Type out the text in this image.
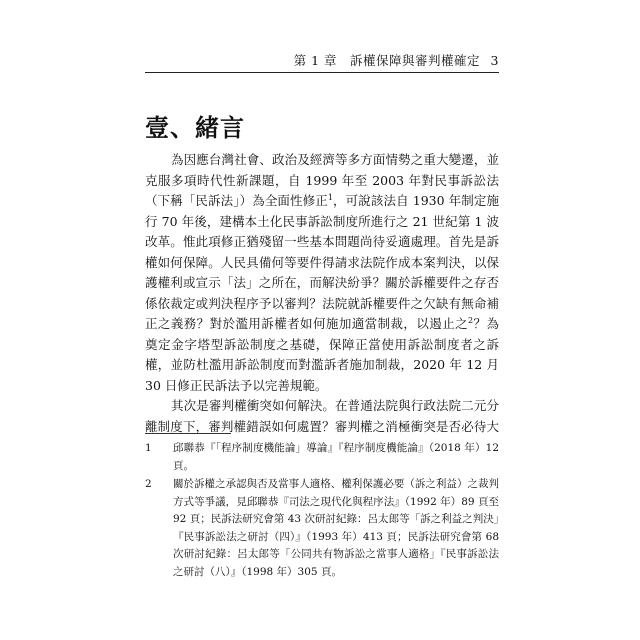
第 1 章　訴權保障與審判權確定 3
壹、緒言

為因應台灣社會、政治及經濟等多方面情勢之重大變遷，並克服多項時代性新課題，自 1999 年至 2003 年對民事訴訟法（下稱「民訴法」）為全面性修正$^1$，可說該法自 1930 年制定施行 70 年後，建構本土化民事訴訟制度所進行之 21 世紀第 1 波改革。惟此項修正猶殘留一些基本問題尚待妥適處理。首先是訴權如何保障。人民具備何等要件得請求法院作成本案判決，以保護權利或宣示「法」之所在，而解決紛爭？關於訴權要件之存否係依裁定或判決程序予以審判？法院就訴權要件之欠缺有無命補正之義務？對於濫用訴權者如何施加適當制裁，以遏止之$^2$？為奠定金字塔型訴訟制度之基礎，保障正當使用訴訟制度者之訴權，並防杜濫用訴訟制度而對濫訴者施加制裁，2020 年 12 月 30 日修正民訴法予以完善規範。

其次是審判權衝突如何解決。在普通法院與行政法院二元分離制度下，審判權錯誤如何處置？審判權之消極衝突是否必待大

1	邱聯恭『「程序制度機能論」導論』『程序制度機能論』（2018 年）12 頁。
2	關於訴權之承認與否及當事人適格、權利保護必要（訴之利益）之裁判方式等爭議，見邱聯恭『司法之現代化與程序法』（1992 年）89 頁至 92 頁；民訴法研究會第 43 次研討紀錄：呂太郎等「訴之利益之判決」『民事訴訟法之研討（四）』（1993 年）413 頁；民訴法研究會第 68 次研討紀錄：呂太郎等「公同共有物訴訟之當事人適格」『民事訴訟法之研討（八）』（1998 年）305 頁。
